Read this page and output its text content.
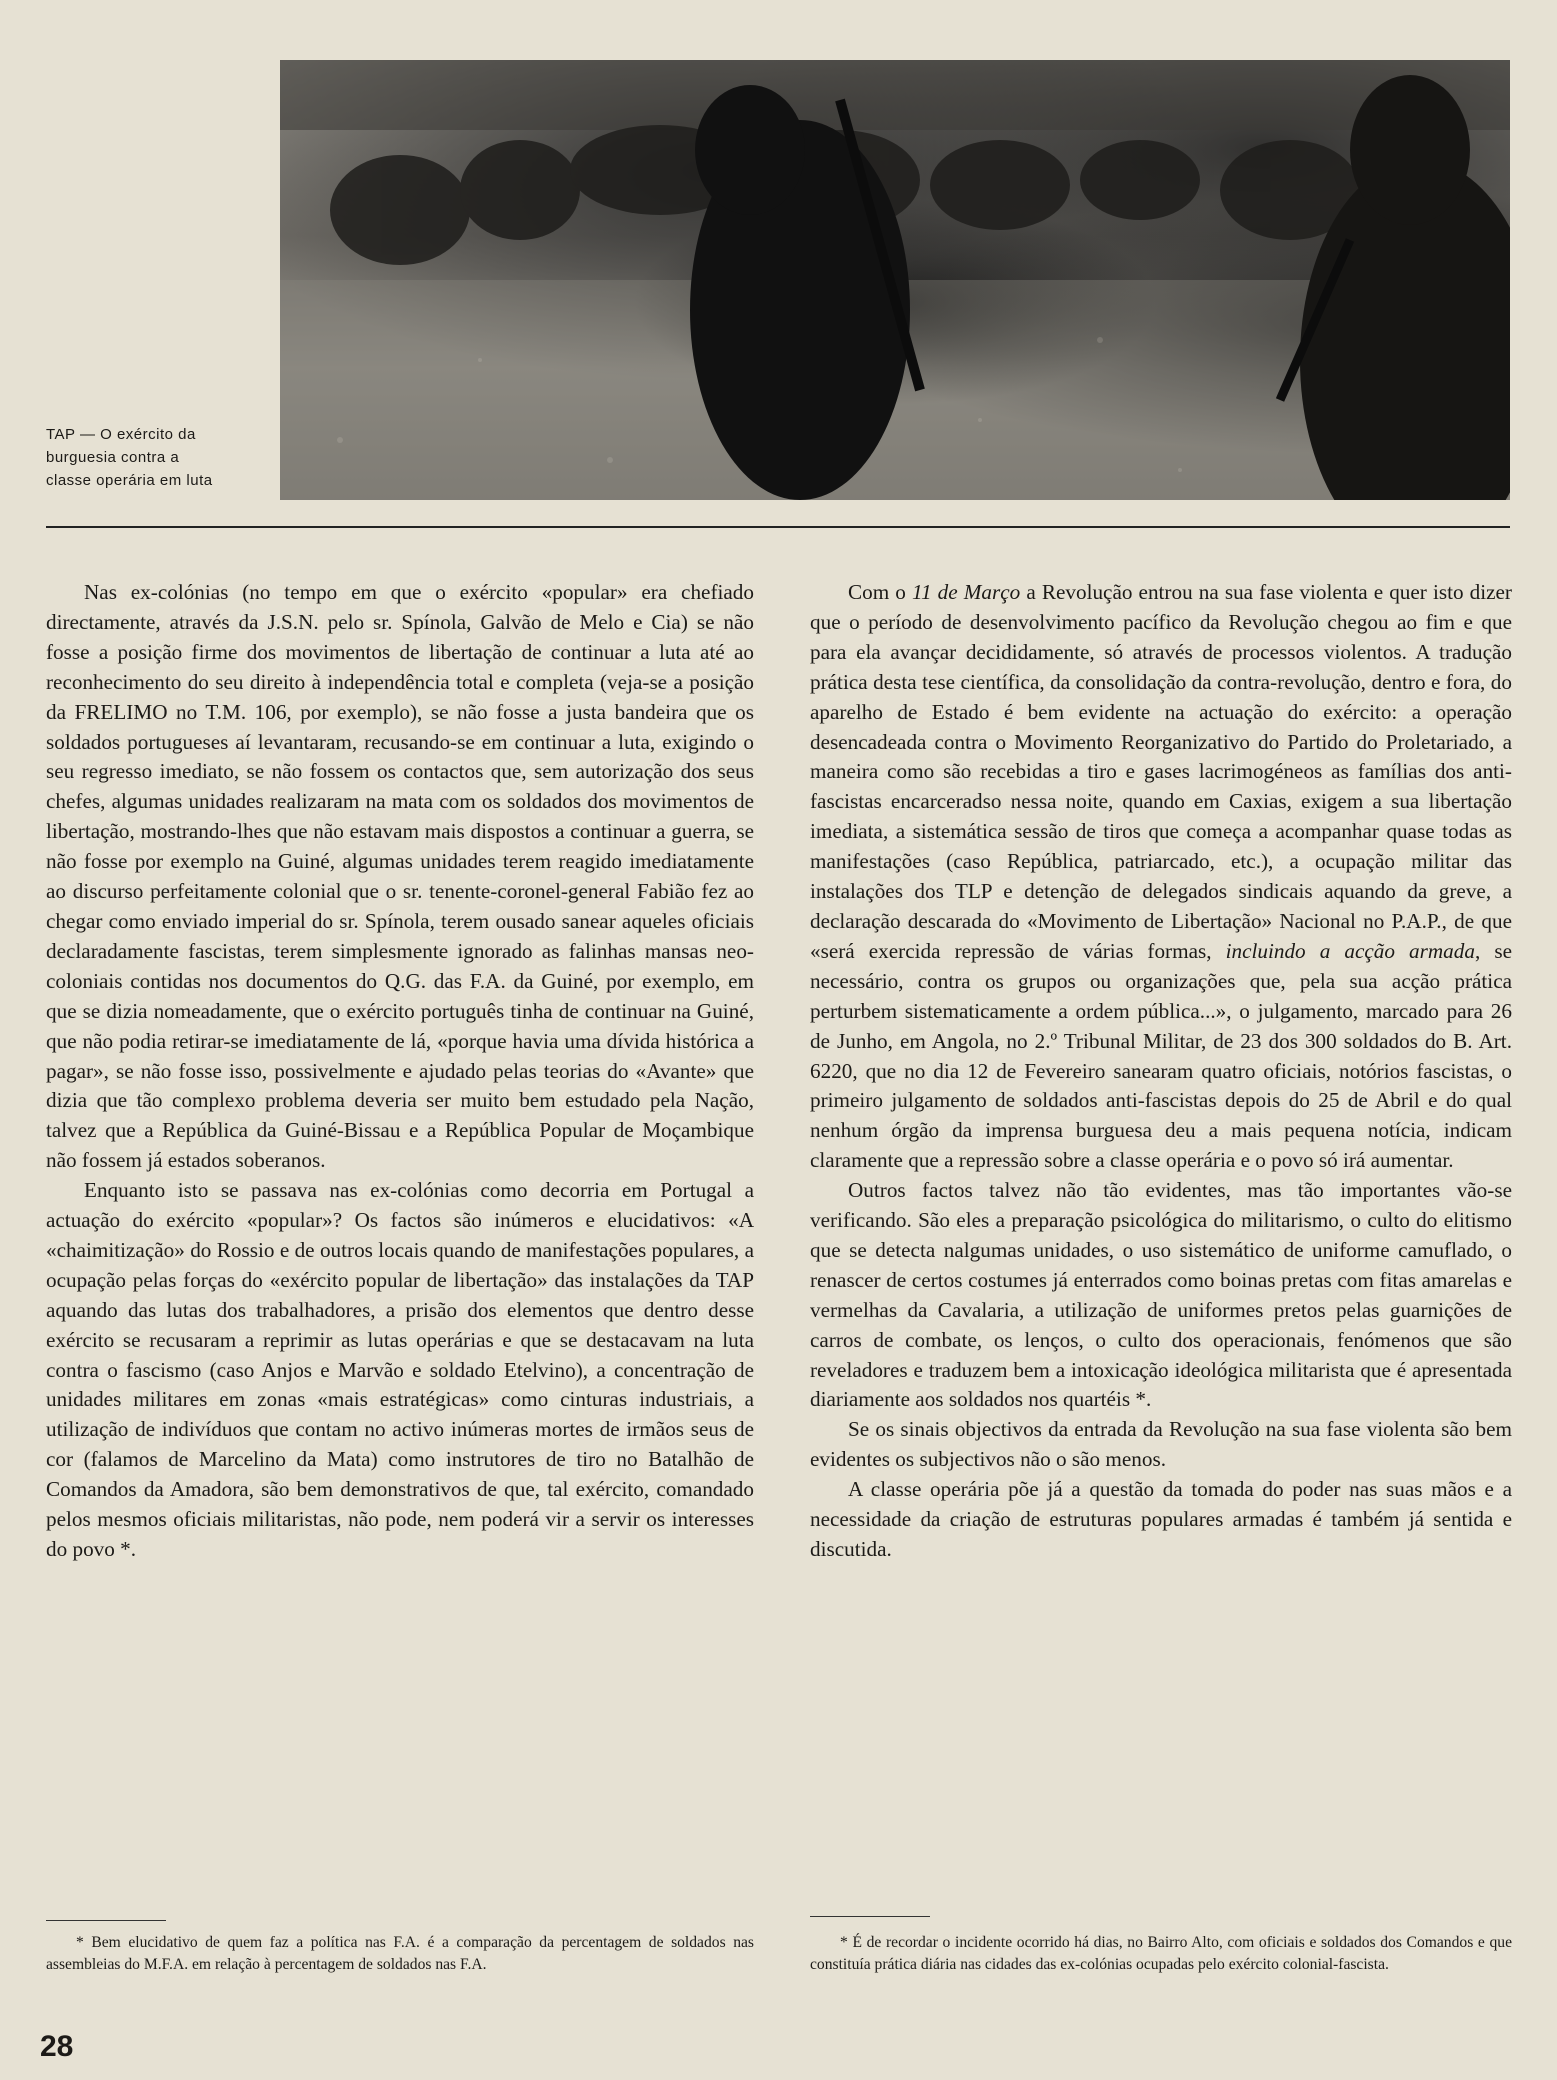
TAP — O exército da
burguesia contra a
classe operária em luta

Nas ex-colónias (no tempo em que o exército «popular» era chefiado directamente, através da J.S.N. pelo sr. Spínola, Galvão de Melo e Cia) se não fosse a posição firme dos movimentos de libertação de continuar a luta até ao reconhecimento do seu direito à independência total e completa (veja-se a posição da FRELIMO no T.M. 106, por exemplo), se não fosse a justa bandeira que os soldados portugueses aí levantaram, recusando-se em continuar a luta, exigindo o seu regresso imediato, se não fossem os contactos que, sem autorização dos seus chefes, algumas unidades realizaram na mata com os soldados dos movimentos de libertação, mostrando-lhes que não estavam mais dispostos a continuar a guerra, se não fosse por exemplo na Guiné, algumas unidades terem reagido imediatamente ao discurso perfeitamente colonial que o sr. tenente-coronel-general Fabião fez ao chegar como enviado imperial do sr. Spínola, terem ousado sanear aqueles oficiais declaradamente fascistas, terem simplesmente ignorado as falinhas mansas neo-coloniais contidas nos documentos do Q.G. das F.A. da Guiné, por exemplo, em que se dizia nomeadamente, que o exército português tinha de continuar na Guiné, que não podia retirar-se imediatamente de lá, «porque havia uma dívida histórica a pagar», se não fosse isso, possivelmente e ajudado pelas teorias do «Avante» que dizia que tão complexo problema deveria ser muito bem estudado pela Nação, talvez que a República da Guiné-Bissau e a República Popular de Moçambique não fossem já estados soberanos.

Enquanto isto se passava nas ex-colónias como decorria em Portugal a actuação do exército «popular»? Os factos são inúmeros e elucidativos: «A «chaimitização» do Rossio e de outros locais quando de manifestações populares, a ocupação pelas forças do «exército popular de libertação» das instalações da TAP aquando das lutas dos trabalhadores, a prisão dos elementos que dentro desse exército se recusaram a reprimir as lutas operárias e que se destacavam na luta contra o fascismo (caso Anjos e Marvão e soldado Etelvino), a concentração de unidades militares em zonas «mais estratégicas» como cinturas industriais, a utilização de indivíduos que contam no activo inúmeras mortes de irmãos seus de cor (falamos de Marcelino da Mata) como instrutores de tiro no Batalhão de Comandos da Amadora, são bem demonstrativos de que, tal exército, comandado pelos mesmos oficiais militaristas, não pode, nem poderá vir a servir os interesses do povo *.

Com o 11 de Março a Revolução entrou na sua fase violenta e quer isto dizer que o período de desenvolvimento pacífico da Revolução chegou ao fim e que para ela avançar decididamente, só através de processos violentos. A tradução prática desta tese científica, da consolidação da contra-revolução, dentro e fora, do aparelho de Estado é bem evidente na actuação do exército: a operação desencadeada contra o Movimento Reorganizativo do Partido do Proletariado, a maneira como são recebidas a tiro e gases lacrimogéneos as famílias dos anti-fascistas encarceradso nessa noite, quando em Caxias, exigem a sua libertação imediata, a sistemática sessão de tiros que começa a acompanhar quase todas as manifestações (caso República, patriarcado, etc.), a ocupação militar das instalações dos TLP e detenção de delegados sindicais aquando da greve, a declaração descarada do «Movimento de Libertação» Nacional no P.A.P., de que «será exercida repressão de várias formas, incluindo a acção armada, se necessário, contra os grupos ou organizações que, pela sua acção prática perturbem sistematicamente a ordem pública...», o julgamento, marcado para 26 de Junho, em Angola, no 2.º Tribunal Militar, de 23 dos 300 soldados do B. Art. 6220, que no dia 12 de Fevereiro sanearam quatro oficiais, notórios fascistas, o primeiro julgamento de soldados anti-fascistas depois do 25 de Abril e do qual nenhum órgão da imprensa burguesa deu a mais pequena notícia, indicam claramente que a repressão sobre a classe operária e o povo só irá aumentar.

Outros factos talvez não tão evidentes, mas tão importantes vão-se verificando. São eles a preparação psicológica do militarismo, o culto do elitismo que se detecta nalgumas unidades, o uso sistemático de uniforme camuflado, o renascer de certos costumes já enterrados como boinas pretas com fitas amarelas e vermelhas da Cavalaria, a utilização de uniformes pretos pelas guarnições de carros de combate, os lenços, o culto dos operacionais, fenómenos que são reveladores e traduzem bem a intoxicação ideológica militarista que é apresentada diariamente aos soldados nos quartéis *.

Se os sinais objectivos da entrada da Revolução na sua fase violenta são bem evidentes os subjectivos não o são menos.

A classe operária põe já a questão da tomada do poder nas suas mãos e a necessidade da criação de estruturas populares armadas é também já sentida e discutida.

* Bem elucidativo de quem faz a política nas F.A. é a comparação da percentagem de soldados nas assembleias do M.F.A. em relação à percentagem de soldados nas F.A.

* É de recordar o incidente ocorrido há dias, no Bairro Alto, com oficiais e soldados dos Comandos e que constituía prática diária nas cidades das ex-colónias ocupadas pelo exército colonial-fascista.

28
